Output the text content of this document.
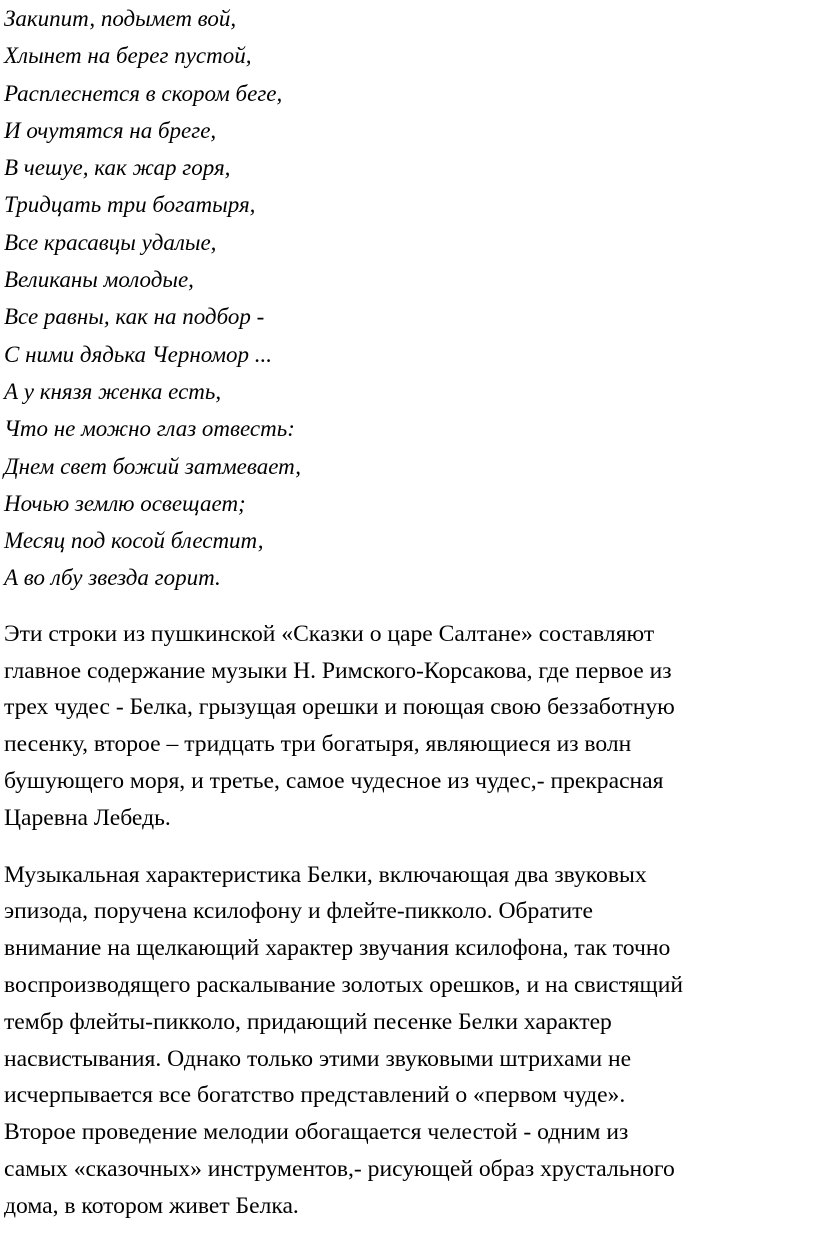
Закипит, подымет вой,
Хлынет на берег пустой,
Расплеснется в скором беге,
И очутятся на бреге,
В чешуе, как жар горя,
Тридцать три богатыря,
Все красавцы удалые,
Великаны молодые,
Все равны, как на подбор -
С ними дядька Черномор ...
А у князя женка есть,
Что не можно глаз отвесть:
Днем свет божий затмевает,
Ночью землю освещает;
Месяц под косой блестит,
А во лбу звезда горит.

Эти строки из пушкинской «Сказки о царе Салтане» составляют
главное содержание музыки Н. Римского-Корсакова, где первое из
трех чудес - Белка, грызущая орешки и поющая свою беззаботную
песенку, второе – тридцать три богатыря, являющиеся из волн
бушующего моря, и третье, самое чудесное из чудес,- прекрасная
Царевна Лебедь.

Музыкальная характеристика Белки, включающая два звуковых
эпизода, поручена ксилофону и флейте-пикколо. Обратите
внимание на щелкающий характер звучания ксилофона, так точно
воспроизводящего раскалывание золотых орешков, и на свистящий
тембр флейты-пикколо, придающий песенке Белки характер
насвистывания. Однако только этими звуковыми штрихами не
исчерпывается все богатство представлений о «первом чуде».
Второе проведение мелодии обогащается челестой - одним из
самых «сказочных» инструментов,- рисующей образ хрустального
дома, в котором живет Белка.
